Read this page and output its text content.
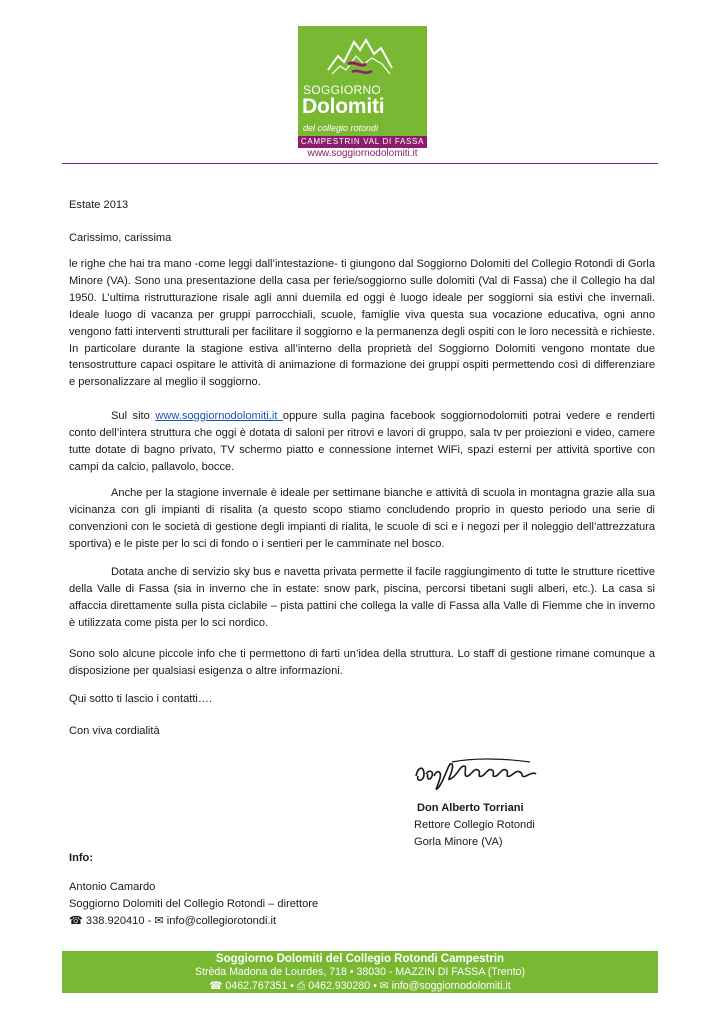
SOGGIORNO
Dolomiti
del collegio rotondi
CAMPESTRIN VAL DI FASSA
www.soggiornodolomiti.it
Estate 2013
Carissimo, carissima

le righe che hai tra mano -come leggi dall’intestazione- ti giungono dal Soggiorno Dolomiti del Collegio Rotondi di Gorla Minore (VA). Sono una presentazione della casa per ferie/soggiorno sulle dolomiti (Val di Fassa) che il Collegio ha dal 1950. L’ultima ristrutturazione risale agli anni duemila ed oggi è luogo ideale per soggiorni sia estivi che invernali. Ideale luogo di vacanza per gruppi parrocchiali, scuole, famiglie viva questa sua vocazione educativa, ogni anno vengono fatti interventi strutturali per facilitare il soggiorno e la permanenza degli ospiti con le loro necessità e richieste. In particolare durante la stagione estiva all’interno della proprietà del Soggiorno Dolomiti vengono montate due tensostrutture capaci ospitare le attività di animazione di formazione dei gruppi ospiti permettendo così di differenziare e personalizzare al meglio il soggiorno.

Sul sito www.soggiornodolomiti.it oppure sulla pagina facebook soggiornodolomiti potrai vedere e renderti conto dell’intera struttura che oggi è dotata di saloni per ritrovi e lavori di gruppo, sala tv per proiezioni e video, camere tutte dotate di bagno privato, TV schermo piatto e connessione internet WiFi, spazi esterni per attività sportive con campi da calcio, pallavolo, bocce.

Anche per la stagione invernale è ideale per settimane bianche e attività di scuola in montagna grazie alla sua vicinanza con gli impianti di risalita (a questo scopo stiamo concludendo proprio in questo periodo una serie di convenzioni con le società di gestione degli impianti di rialita, le scuole di sci e i negozi per il noleggio dell’attrezzatura sportiva) e le piste per lo sci di fondo o i sentieri per le camminate nel bosco.

Dotata anche di servizio sky bus e navetta privata permette il facile raggiungimento di tutte le strutture ricettive della Valle di Fassa (sia in inverno che in estate: snow park, piscina, percorsi tibetani sugli alberi, etc.). La casa si affaccia direttamente sulla pista ciclabile – pista pattini che collega la valle di Fassa alla Valle di Fiemme che in inverno è utilizzata come pista per lo sci nordico.

Sono solo alcune piccole info che ti permettono di farti un’idea della struttura. Lo staff di gestione rimane comunque a disposizione per qualsiasi esigenza o altre informazioni.

Qui sotto ti lascio i contatti….
Con viva cordialità
Don Alberto Torriani
Rettore Collegio Rotondi
Gorla Minore (VA)
Info:
Antonio Camardo
Soggiorno Dolomiti del Collegio Rotondi – direttore
☎ 338.920410 - ✉ info@collegiorotondi.it
Soggiorno Dolomiti del Collegio Rotondi Campestrin
Strèda Madona de Lourdes, 718 • 38030 - MAZZIN DI FASSA (Trento)
☎ 0462.767351 • ⎙ 0462.930280 • ✉ info@soggiornodolomiti.it
